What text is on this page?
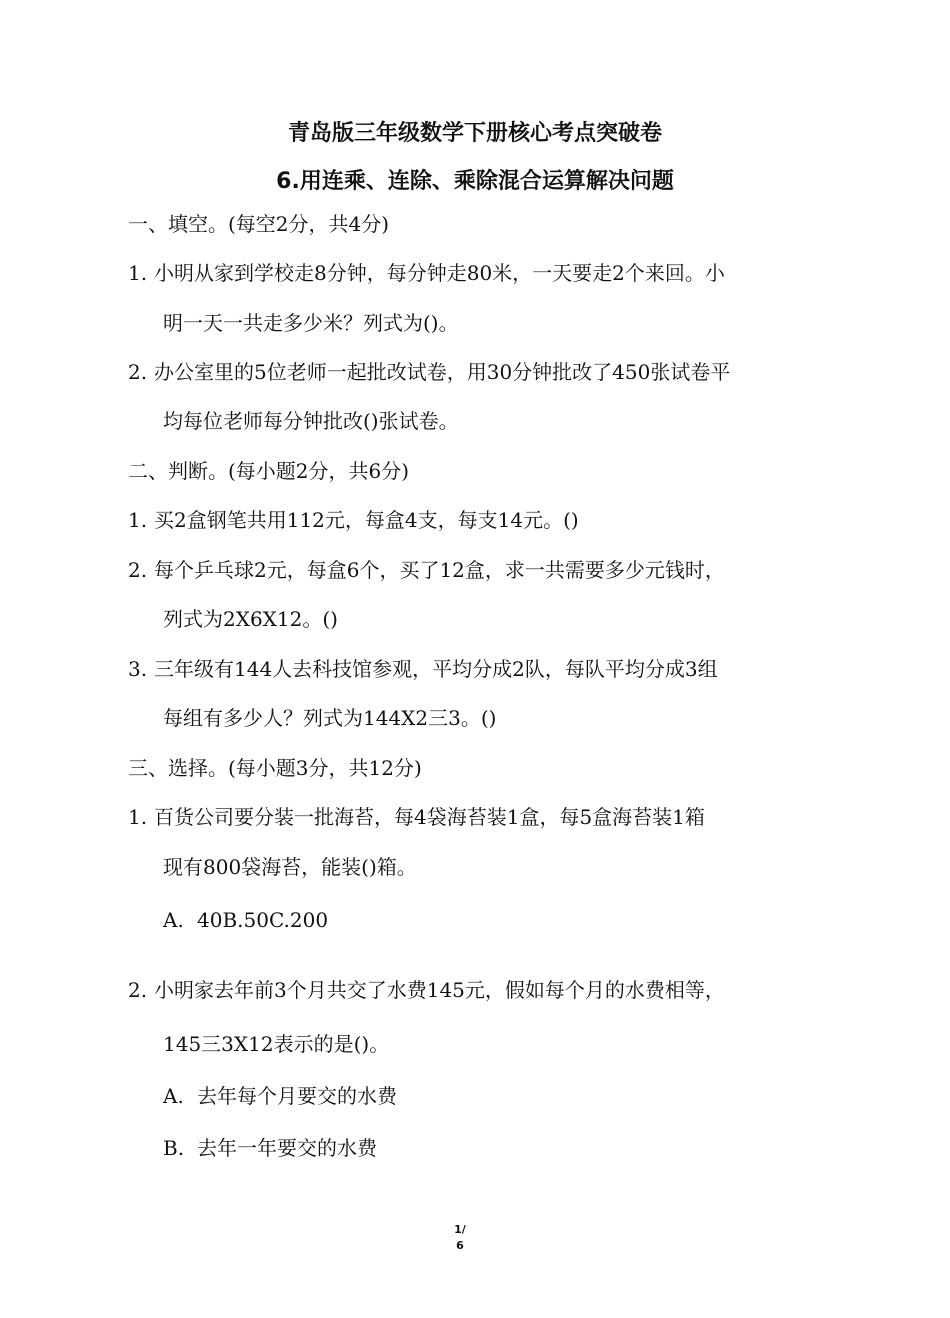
青岛版三年级数学下册核心考点突破卷
6.用连乘、连除、乘除混合运算解决问题
一、填空。(每空2分，共4分)
1. 小明从家到学校走8分钟，每分钟走80米，一天要走2个来回。小
明一天一共走多少米？列式为()。
2. 办公室里的5位老师一起批改试卷，用30分钟批改了450张试卷平
均每位老师每分钟批改()张试卷。
二、判断。(每小题2分，共6分)
1. 买2盒钢笔共用112元，每盒4支，每支14元。()
2. 每个乒乓球2元，每盒6个，买了12盒，求一共需要多少元钱时，
列式为2X6X12。()
3. 三年级有144人去科技馆参观，平均分成2队，每队平均分成3组
每组有多少人？列式为144X2三3。()
三、选择。(每小题3分，共12分)
1. 百货公司要分装一批海苔，每4袋海苔装1盒，每5盒海苔装1箱
现有800袋海苔，能装()箱。
A. 40B.50C.200
2. 小明家去年前3个月共交了水费145元，假如每个月的水费相等，
145三3X12表示的是()。
A. 去年每个月要交的水费
B. 去年一年要交的水费
1/
6
